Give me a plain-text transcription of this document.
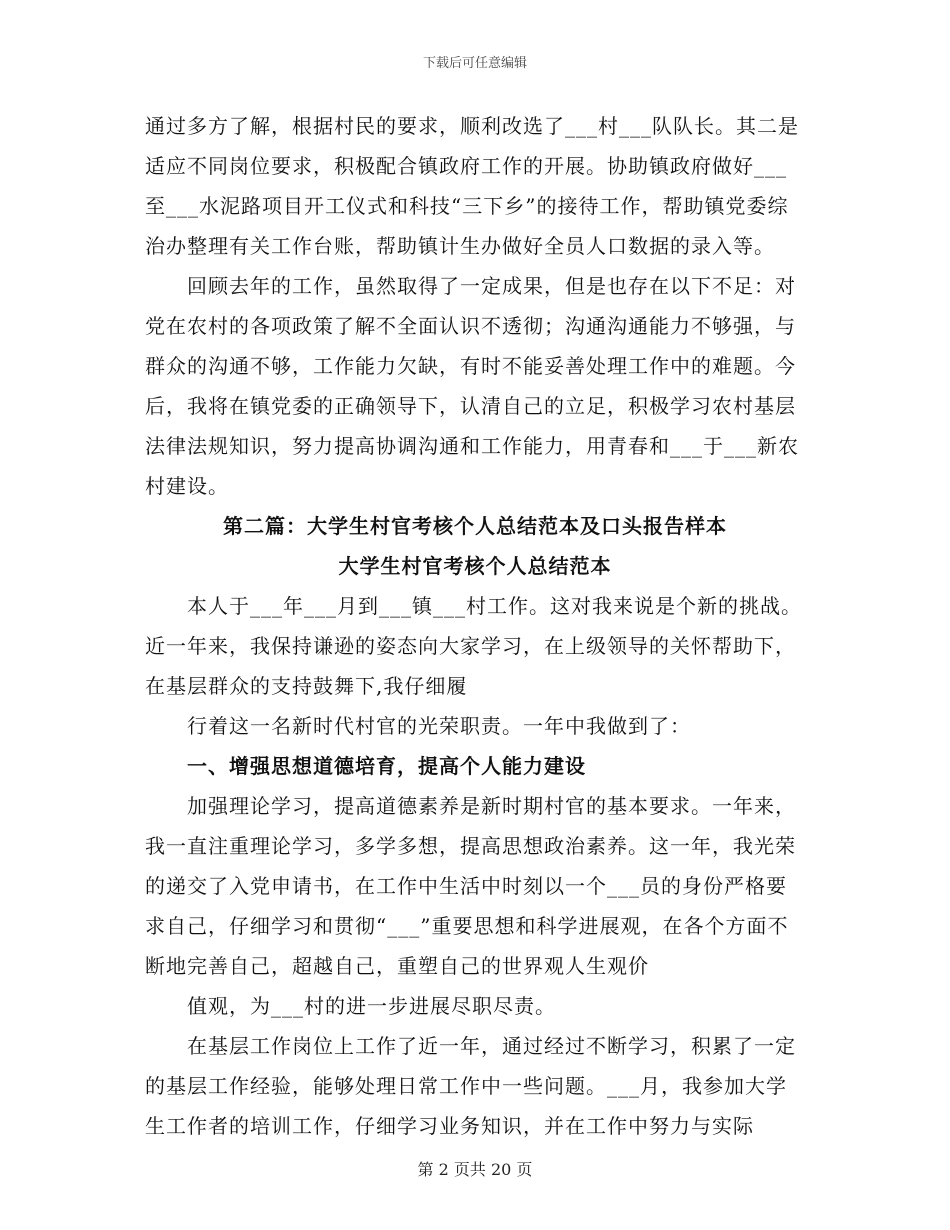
下载后可任意编辑

通过多方了解，根据村民的要求，顺利改选了___村___队队长。其二是适应不同岗位要求，积极配合镇政府工作的开展。协助镇政府做好___至___水泥路项目开工仪式和科技“三下乡”的接待工作，帮助镇党委综治办整理有关工作台账，帮助镇计生办做好全员人口数据的录入等。

回顾去年的工作，虽然取得了一定成果，但是也存在以下不足：对党在农村的各项政策了解不全面认识不透彻；沟通沟通能力不够强，与群众的沟通不够，工作能力欠缺，有时不能妥善处理工作中的难题。今后，我将在镇党委的正确领导下，认清自己的立足，积极学习农村基层法律法规知识，努力提高协调沟通和工作能力，用青春和___于___新农村建设。

第二篇：大学生村官考核个人总结范本及口头报告样本

大学生村官考核个人总结范本

本人于___年___月到___镇___村工作。这对我来说是个新的挑战。近一年来，我保持谦逊的姿态向大家学习，在上级领导的关怀帮助下，在基层群众的支持鼓舞下,我仔细履

行着这一名新时代村官的光荣职责。一年中我做到了：

一、增强思想道德培育，提高个人能力建设

加强理论学习，提高道德素养是新时期村官的基本要求。一年来，我一直注重理论学习，多学多想，提高思想政治素养。这一年，我光荣的递交了入党申请书，在工作中生活中时刻以一个___员的身份严格要求自己，仔细学习和贯彻“___”重要思想和科学进展观，在各个方面不断地完善自己，超越自己，重塑自己的世界观人生观价

值观，为___村的进一步进展尽职尽责。

在基层工作岗位上工作了近一年，通过经过不断学习，积累了一定的基层工作经验，能够处理日常工作中一些问题。___月，我参加大学生工作者的培训工作，仔细学习业务知识，并在工作中努力与实际

第 2 页共 20 页
